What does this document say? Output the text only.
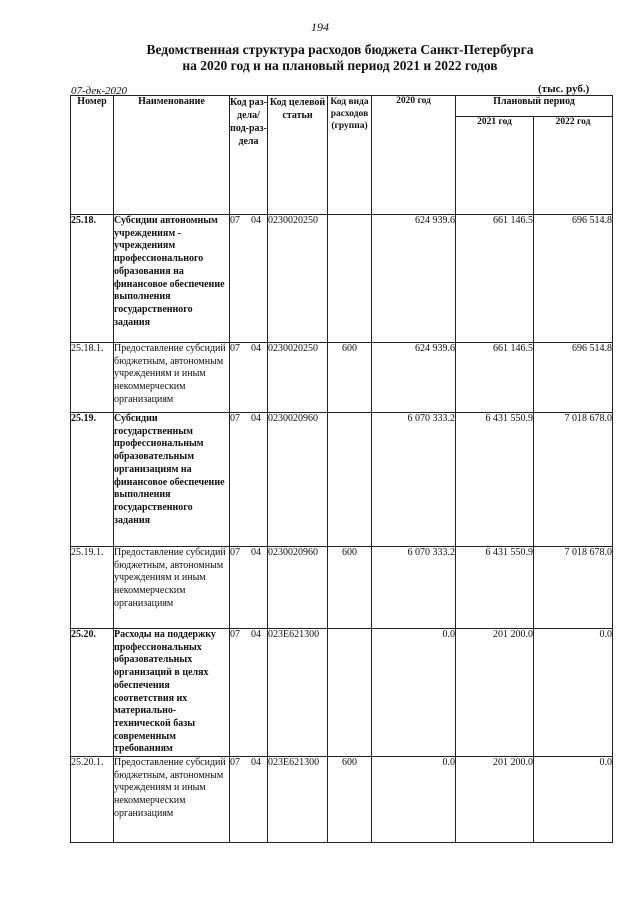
194
Ведомственная структура расходов бюджета Санкт-Петербурга
на 2020 год и на плановый период 2021 и 2022 годов
07-дек-2020	(тыс. руб.)
Номер	Наименование	Код раз-дела/ под-раз-дела	Код целевой статьи	Код вида расходов (группа)	2020 год	Плановый период	
						2021 год	2022 год
25.18.	Субсидии автономным учреждениям - учреждениям профессионального образования на финансовое обеспечение выполнения государственного задания	07 04	0230020250		624 939.6	661 146.5	696 514.8
25.18.1.	Предоставление субсидий бюджетным, автономным учреждениям и иным некоммерческим организациям	07 04	0230020250	600	624 939.6	661 146.5	696 514.8
25.19.	Субсидии государственным профессиональным образовательным организациям на финансовое обеспечение выполнения государственного задания	07 04	0230020960		6 070 333.2	6 431 550.9	7 018 678.0
25.19.1.	Предоставление субсидий бюджетным, автономным учреждениям и иным некоммерческим организациям	07 04	0230020960	600	6 070 333.2	6 431 550.9	7 018 678.0
25.20.	Расходы на поддержку профессиональных образовательных организаций в целях обеспечения соответствия их материально-технической базы современным требованиям	07 04	023E621300		0.0	201 200.0	0.0
25.20.1.	Предоставление субсидий бюджетным, автономным учреждениям и иным некоммерческим организациям	07 04	023E621300	600	0.0	201 200.0	0.0
